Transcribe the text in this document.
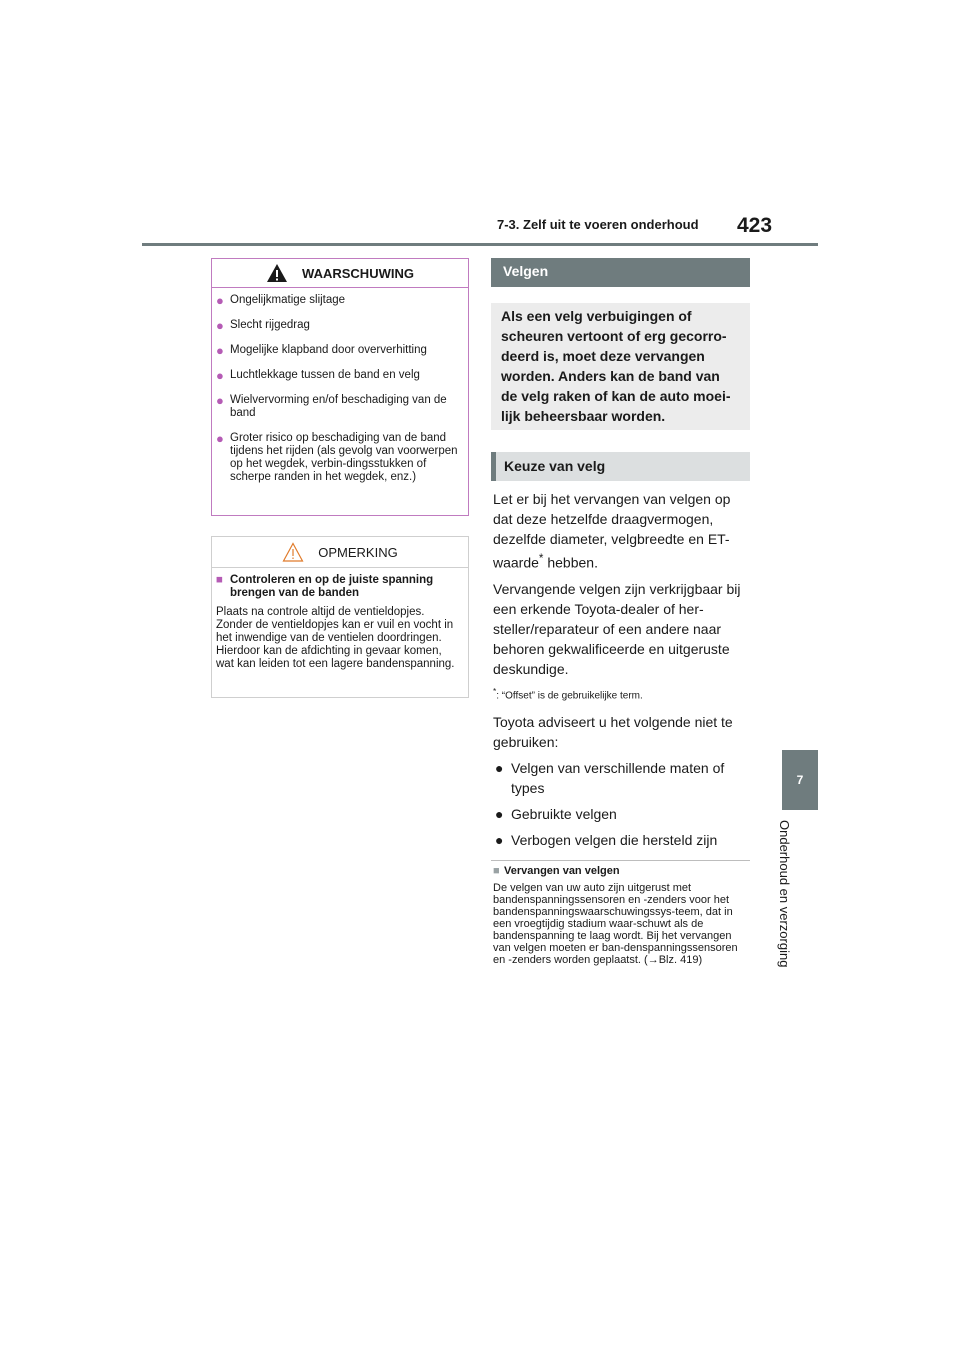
7-3. Zelf uit te voeren onderhoud 423
7
Onderhoud en verzorging
WAARSCHUWING
● Ongelijkmatige slijtage
● Slecht rijgedrag
● Mogelijke klapband door oververhitting
● Luchtlekkage tussen de band en velg
● Wielvervorming en/of beschadiging van de band
● Groter risico op beschadiging van de band tijdens het rijden (als gevolg van voorwerpen op het wegdek, verbin-dingsstukken of scherpe randen in het wegdek, enz.)
OPMERKING
■ Controleren en op de juiste spanning brengen van de banden
Plaats na controle altijd de ventieldopjes. Zonder de ventieldopjes kan er vuil en vocht in het inwendige van de ventielen doordringen. Hierdoor kan de afdichting in gevaar komen, wat kan leiden tot een lagere bandenspanning.
Velgen
Als een velg verbuigingen of scheuren vertoont of erg gecorro-deerd is, moet deze vervangen worden. Anders kan de band van de velg raken of kan de auto moei-lijk beheersbaar worden.
Keuze van velg

Let er bij het vervangen van velgen op dat deze hetzelfde draagvermogen, dezelfde diameter, velgbreedte en ET-waarde* hebben.

Vervangende velgen zijn verkrijgbaar bij een erkende Toyota-dealer of her-steller/reparateur of een andere naar behoren gekwalificeerde en uitgeruste deskundige.

*: “Offset” is de gebruikelijke term.

Toyota adviseert u het volgende niet te gebruiken:

● Velgen van verschillende maten of types
● Gebruikte velgen
● Verbogen velgen die hersteld zijn
■ Vervangen van velgen
De velgen van uw auto zijn uitgerust met bandenspanningssensoren en -zenders voor het bandenspanningswaarschuwingssys-teem, dat in een vroegtijdig stadium waar-schuwt als de bandenspanning te laag wordt. Bij het vervangen van velgen moeten er ban-denspanningssensoren en -zenders worden geplaatst. (→Blz. 419)
